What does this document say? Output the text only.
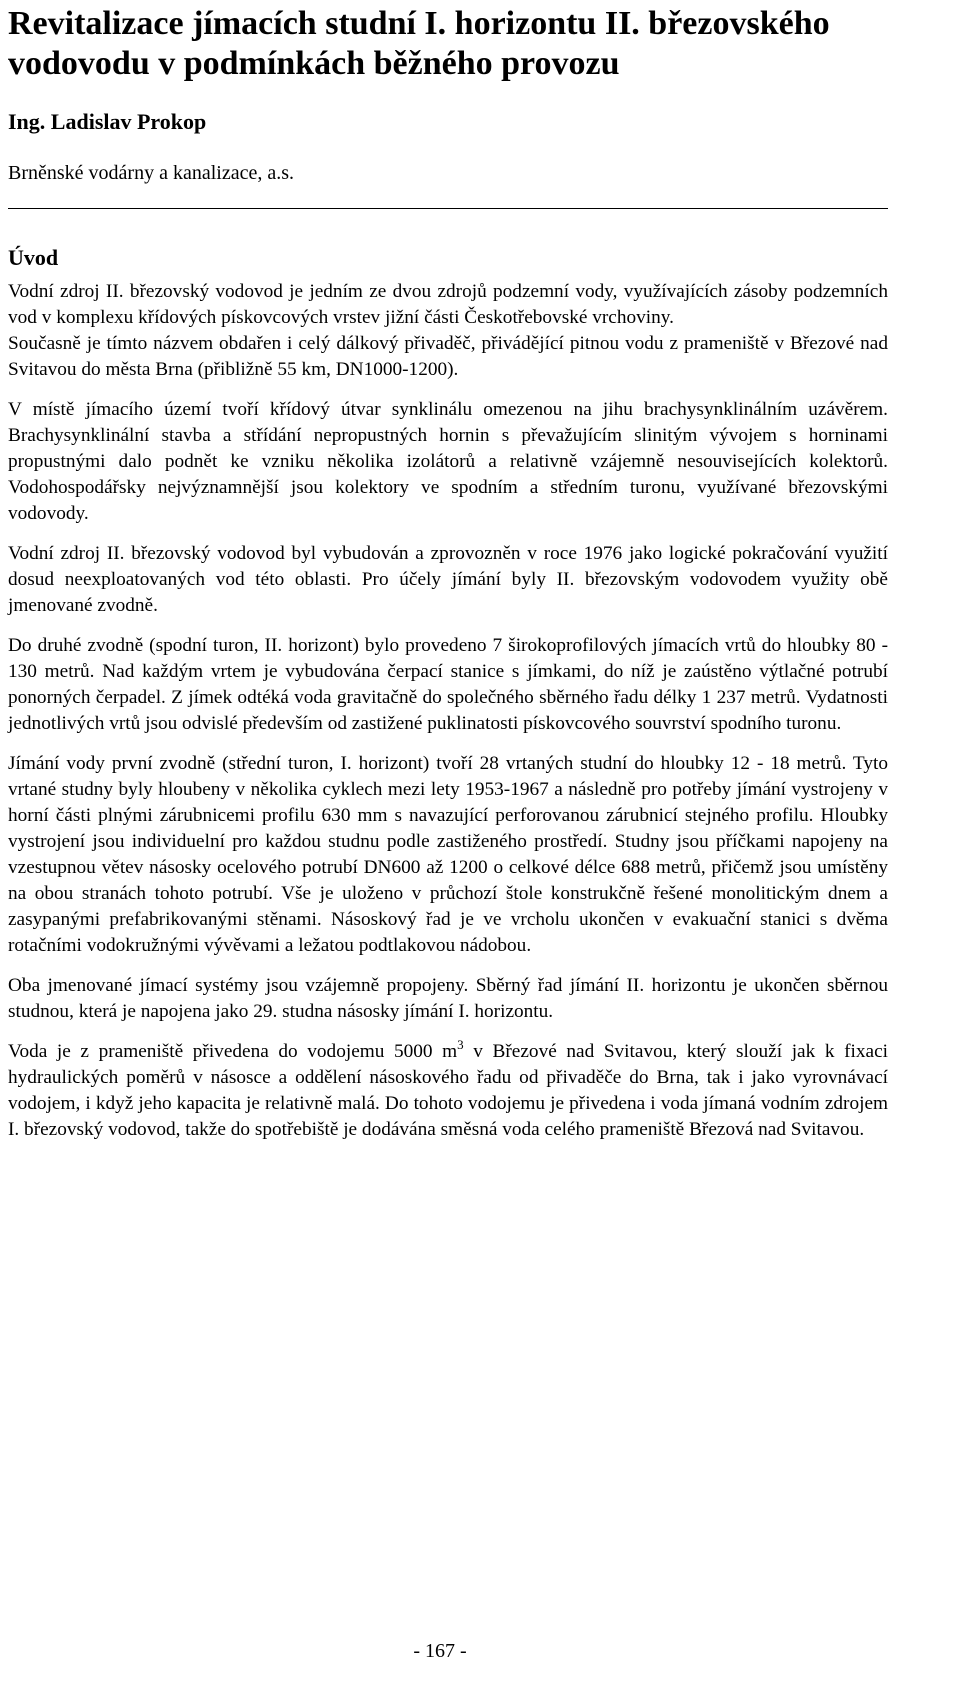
Revitalizace jímacích studní I. horizontu II. březovského vodovodu v podmínkách běžného provozu
Ing. Ladislav Prokop
Brněnské vodárny a kanalizace, a.s.
Úvod

Vodní zdroj II. březovský vodovod je jedním ze dvou zdrojů podzemní vody, využívajících zásoby podzemních vod v komplexu křídových pískovcových vrstev jižní části Českotřebovské vrchoviny.

Současně je tímto názvem obdařen i celý dálkový přivaděč, přivádějící pitnou vodu z prameniště v Březové nad Svitavou do města Brna (přibližně 55 km, DN1000-1200).

V místě jímacího území tvoří křídový útvar synklinálu omezenou na jihu brachysynklinálním uzávěrem. Brachysynklinální stavba a střídání nepropustných hornin s převažujícím slinitým vývojem s horninami propustnými dalo podnět ke vzniku několika izolátorů a relativně vzájemně nesouvisejících kolektorů. Vodohospodářsky nejvýznamnější jsou kolektory ve spodním a středním turonu, využívané březovskými vodovody.

Vodní zdroj II. březovský vodovod byl vybudován a zprovozněn v roce 1976 jako logické pokračování využití dosud neexploatovaných vod této oblasti. Pro účely jímání byly II. březovským vodovodem využity obě jmenované zvodně.

Do druhé zvodně (spodní turon, II. horizont) bylo provedeno 7 širokoprofilových jímacích vrtů do hloubky 80 - 130 metrů. Nad každým vrtem je vybudována čerpací stanice s jímkami, do níž je zaústěno výtlačné potrubí ponorných čerpadel. Z jímek odtéká voda gravitačně do společného sběrného řadu délky 1 237 metrů. Vydatnosti jednotlivých vrtů jsou odvislé především od zastižené puklinatosti pískovcového souvrství spodního turonu.

Jímání vody první zvodně (střední turon, I. horizont) tvoří 28 vrtaných studní do hloubky 12 - 18 metrů. Tyto vrtané studny byly hloubeny v několika cyklech mezi lety 1953-1967 a následně pro potřeby jímání vystrojeny v horní části plnými zárubnicemi profilu 630 mm s navazující perforovanou zárubnicí stejného profilu. Hloubky vystrojení jsou individuelní pro každou studnu podle zastiženého prostředí. Studny jsou příčkami napojeny na vzestupnou větev násosky ocelového potrubí DN600 až 1200 o celkové délce 688 metrů, přičemž jsou umístěny na obou stranách tohoto potrubí. Vše je uloženo v průchozí štole konstrukčně řešené monolitickým dnem a zasypanými prefabrikovanými stěnami. Násoskový řad je ve vrcholu ukončen v evakuační stanici s dvěma rotačními vodokružnými vývěvami a ležatou podtlakovou nádobou.

Oba jmenované jímací systémy jsou vzájemně propojeny. Sběrný řad jímání II. horizontu je ukončen sběrnou studnou, která je napojena jako 29. studna násosky jímání I. horizontu.

Voda je z prameniště přivedena do vodojemu 5000 $m^3$ v Březové nad Svitavou, který slouží jak k fixaci hydraulických poměrů v násosce a oddělení násoskového řadu od přivaděče do Brna, tak i jako vyrovnávací vodojem, i když jeho kapacita je relativně malá. Do tohoto vodojemu je přivedena i voda jímaná vodním zdrojem I. březovský vodovod, takže do spotřebiště je dodávána směsná voda celého prameniště Březová nad Svitavou.

- 167 -
